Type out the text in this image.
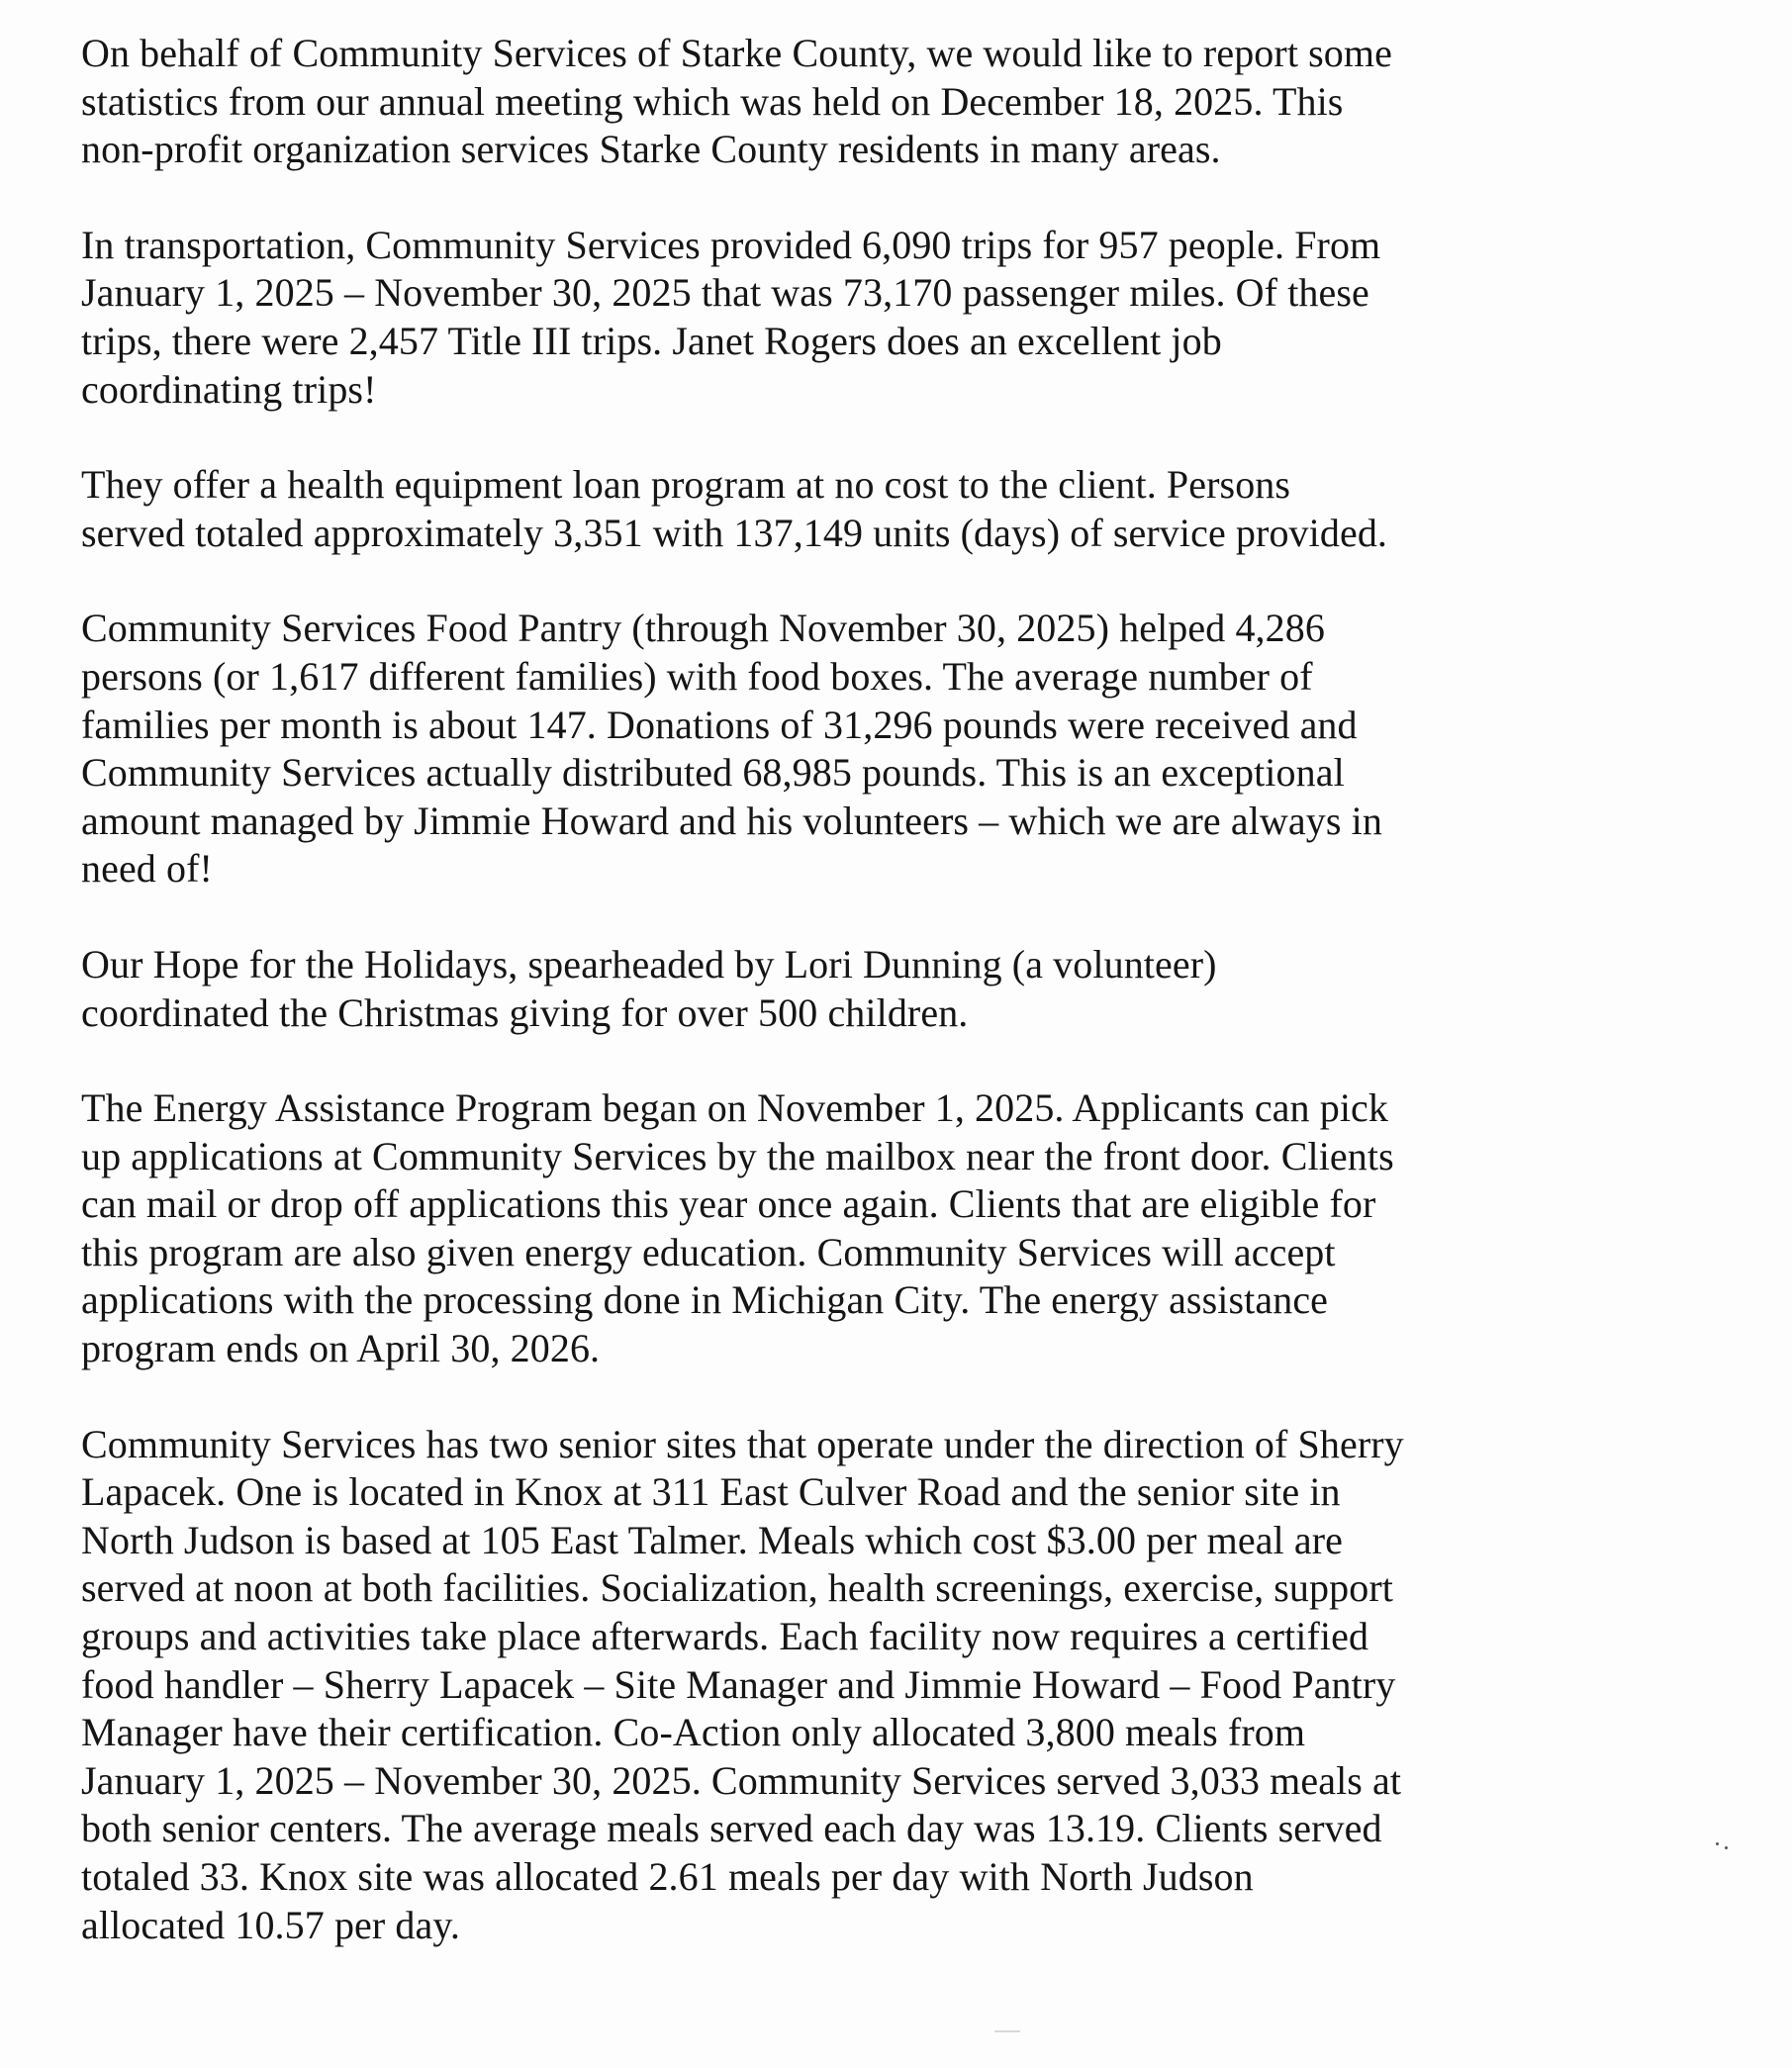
On behalf of Community Services of Starke County, we would like to report some
statistics from our annual meeting which was held on December 18, 2025. This
non-profit organization services Starke County residents in many areas.

In transportation, Community Services provided 6,090 trips for 957 people. From
January 1, 2025 – November 30, 2025 that was 73,170 passenger miles. Of these
trips, there were 2,457 Title III trips. Janet Rogers does an excellent job
coordinating trips!

They offer a health equipment loan program at no cost to the client. Persons
served totaled approximately 3,351 with 137,149 units (days) of service provided.

Community Services Food Pantry (through November 30, 2025) helped 4,286
persons (or 1,617 different families) with food boxes. The average number of
families per month is about 147. Donations of 31,296 pounds were received and
Community Services actually distributed 68,985 pounds. This is an exceptional
amount managed by Jimmie Howard and his volunteers – which we are always in
need of!

Our Hope for the Holidays, spearheaded by Lori Dunning (a volunteer)
coordinated the Christmas giving for over 500 children.

The Energy Assistance Program began on November 1, 2025. Applicants can pick
up applications at Community Services by the mailbox near the front door. Clients
can mail or drop off applications this year once again. Clients that are eligible for
this program are also given energy education. Community Services will accept
applications with the processing done in Michigan City. The energy assistance
program ends on April 30, 2026.

Community Services has two senior sites that operate under the direction of Sherry
Lapacek. One is located in Knox at 311 East Culver Road and the senior site in
North Judson is based at 105 East Talmer. Meals which cost $3.00 per meal are
served at noon at both facilities. Socialization, health screenings, exercise, support
groups and activities take place afterwards. Each facility now requires a certified
food handler – Sherry Lapacek – Site Manager and Jimmie Howard – Food Pantry
Manager have their certification. Co-Action only allocated 3,800 meals from
January 1, 2025 – November 30, 2025. Community Services served 3,033 meals at
both senior centers. The average meals served each day was 13.19. Clients served
totaled 33. Knox site was allocated 2.61 meals per day with North Judson
allocated 10.57 per day.
